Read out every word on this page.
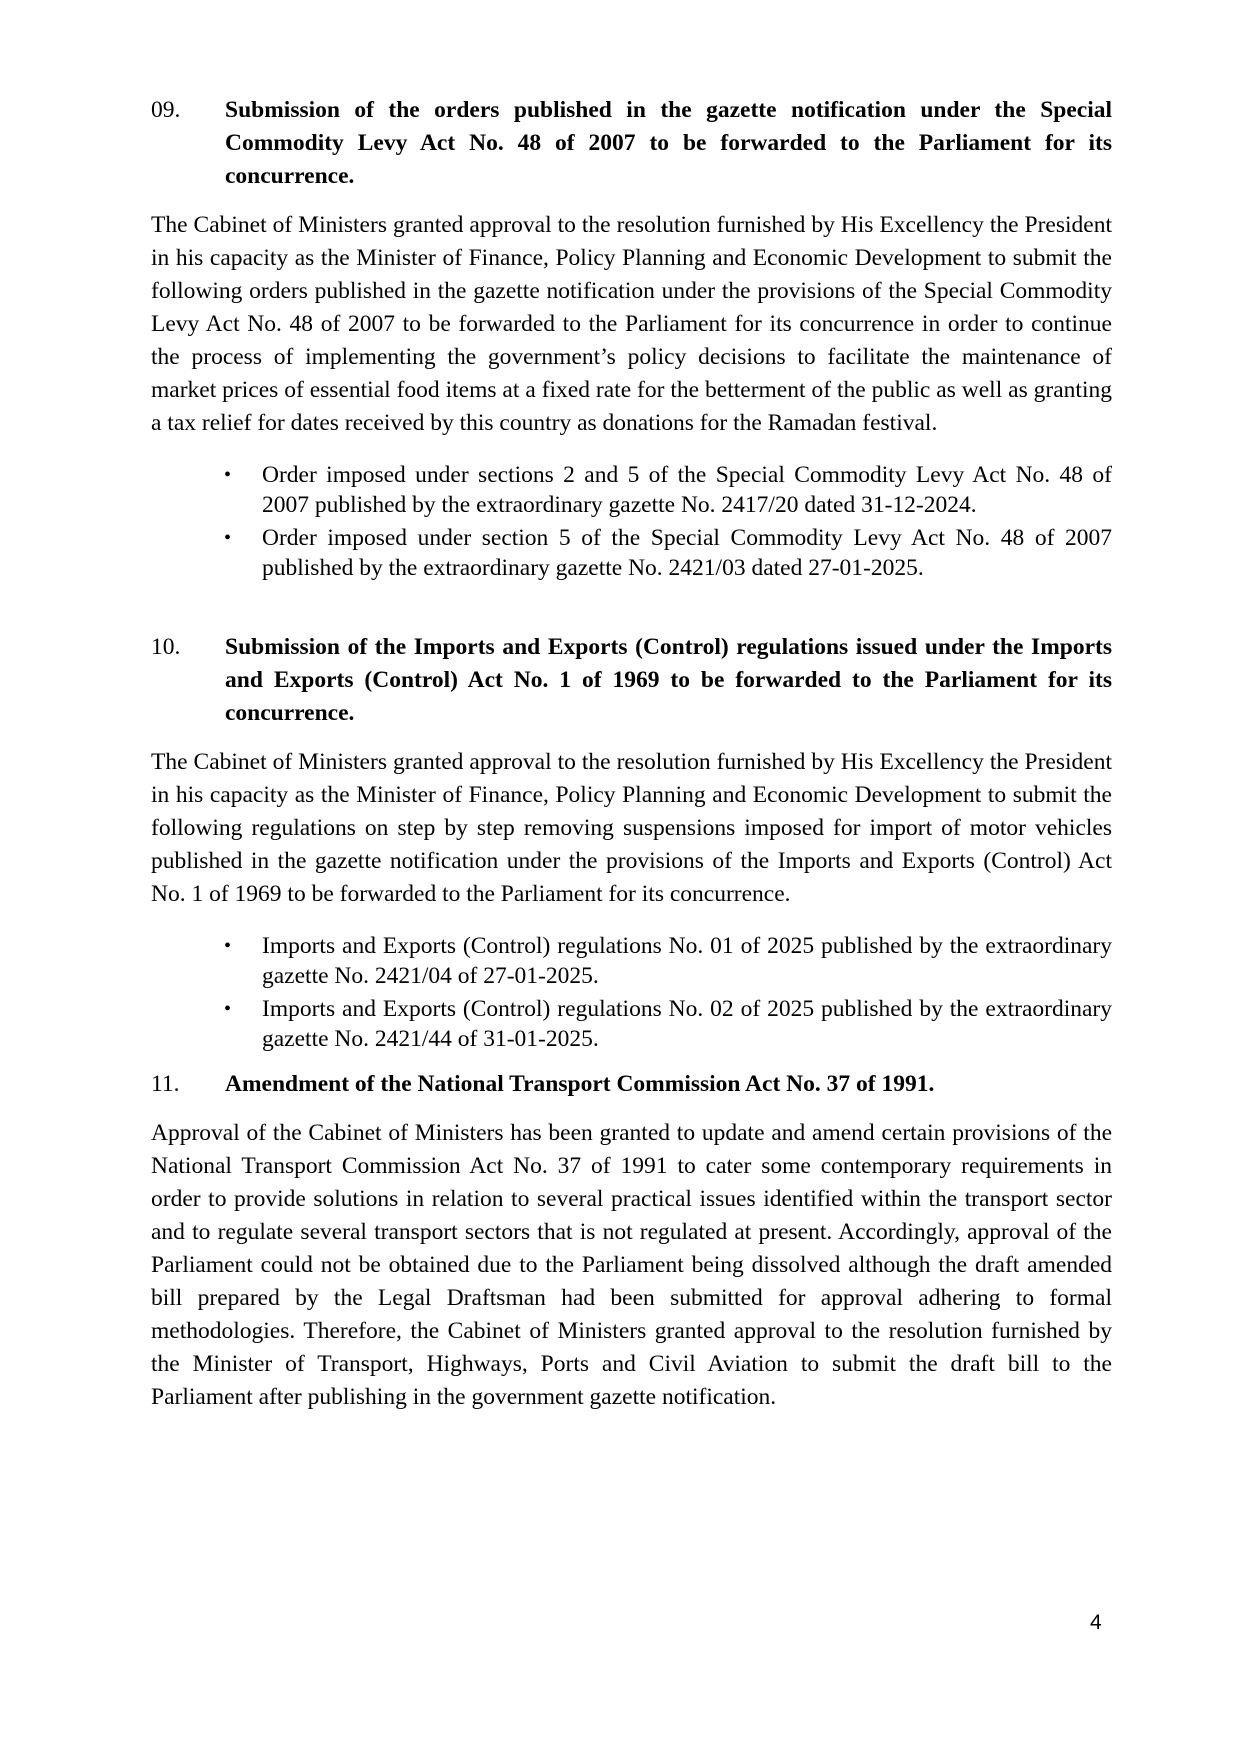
09.	Submission of the orders published in the gazette notification under the Special Commodity Levy Act No. 48 of 2007 to be forwarded to the Parliament for its concurrence.

The Cabinet of Ministers granted approval to the resolution furnished by His Excellency the President in his capacity as the Minister of Finance, Policy Planning and Economic Development to submit the following orders published in the gazette notification under the provisions of the Special Commodity Levy Act No. 48 of 2007 to be forwarded to the Parliament for its concurrence in order to continue the process of implementing the government’s policy decisions to facilitate the maintenance of market prices of essential food items at a fixed rate for the betterment of the public as well as granting a tax relief for dates received by this country as donations for the Ramadan festival.

•	Order imposed under sections 2 and 5 of the Special Commodity Levy Act No. 48 of 2007 published by the extraordinary gazette No. 2417/20 dated 31-12-2024.
•	Order imposed under section 5 of the Special Commodity Levy Act No. 48 of 2007 published by the extraordinary gazette No. 2421/03 dated 27-01-2025.
10.	Submission of the Imports and Exports (Control) regulations issued under the Imports and Exports (Control) Act No. 1 of 1969 to be forwarded to the Parliament for its concurrence.

The Cabinet of Ministers granted approval to the resolution furnished by His Excellency the President in his capacity as the Minister of Finance, Policy Planning and Economic Development to submit the following regulations on step by step removing suspensions imposed for import of motor vehicles published in the gazette notification under the provisions of the Imports and Exports (Control) Act No. 1 of 1969 to be forwarded to the Parliament for its concurrence.

•	Imports and Exports (Control) regulations No. 01 of 2025 published by the extraordinary gazette No. 2421/04 of 27-01-2025.
•	Imports and Exports (Control) regulations No. 02 of 2025 published by the extraordinary gazette No. 2421/44 of 31-01-2025.
11.	Amendment of the National Transport Commission Act No. 37 of 1991.

Approval of the Cabinet of Ministers has been granted to update and amend certain provisions of the National Transport Commission Act No. 37 of 1991 to cater some contemporary requirements in order to provide solutions in relation to several practical issues identified within the transport sector and to regulate several transport sectors that is not regulated at present. Accordingly, approval of the Parliament could not be obtained due to the Parliament being dissolved although the draft amended bill prepared by the Legal Draftsman had been submitted for approval adhering to formal methodologies. Therefore, the Cabinet of Ministers granted approval to the resolution furnished by the Minister of Transport, Highways, Ports and Civil Aviation to submit the draft bill to the Parliament after publishing in the government gazette notification.

4
